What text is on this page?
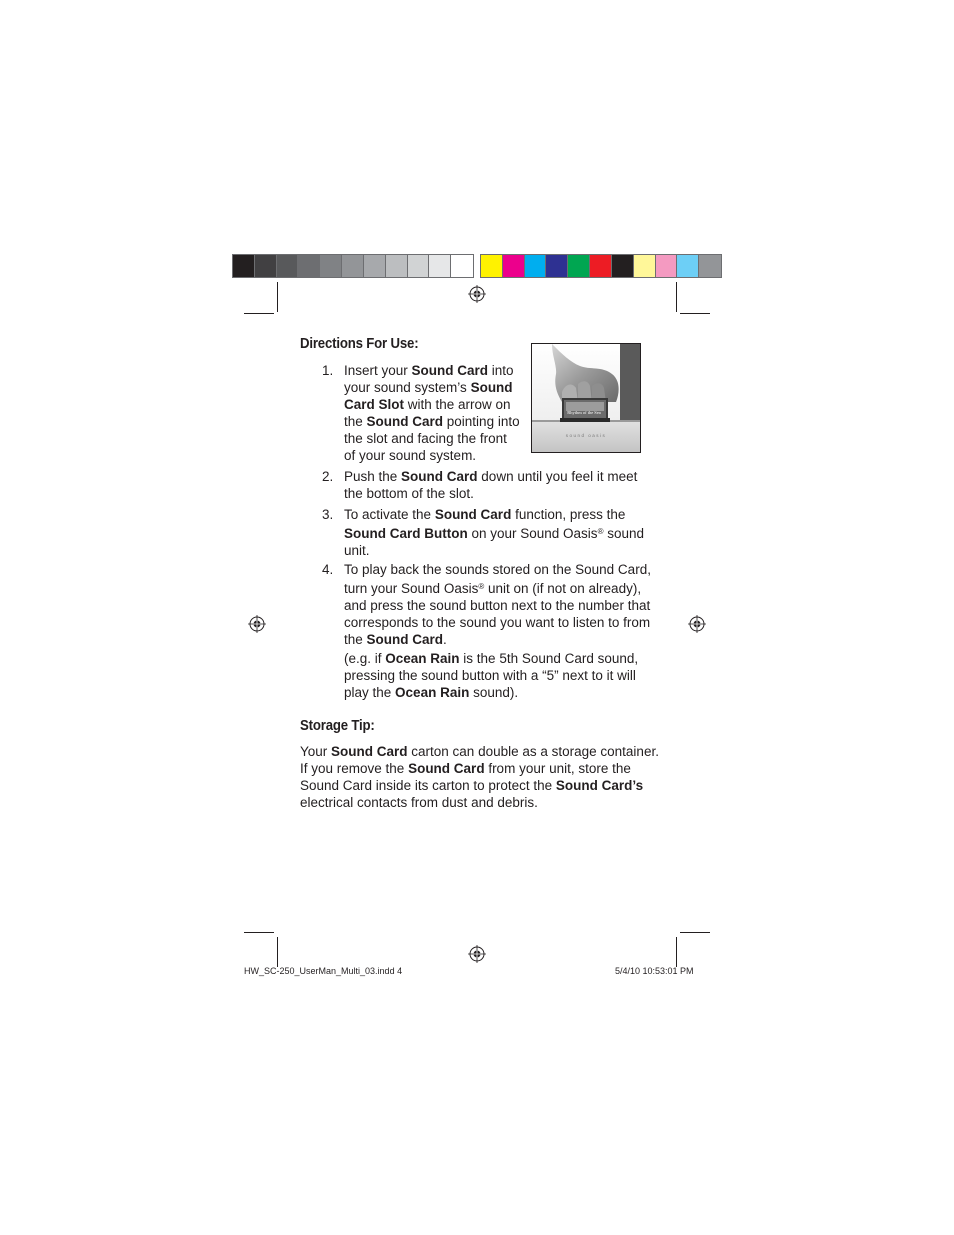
Directions For Use:
Rhythm of the Sea
sound oasis
1. Insert your Sound Card into
your sound system’s Sound
Card Slot with the arrow on
the Sound Card pointing into
the slot and facing the front
of your sound system.
2. Push the Sound Card down until you feel it meet
the bottom of the slot.
3. To activate the Sound Card function, press the
Sound Card Button on your Sound Oasis® sound
unit.
4. To play back the sounds stored on the Sound Card,
turn your Sound Oasis® unit on (if not on already),
and press the sound button next to the number that
corresponds to the sound you want to listen to from
the Sound Card.
(e.g. if Ocean Rain is the 5th Sound Card sound,
pressing the sound button with a “5” next to it will
play the Ocean Rain sound).
Storage Tip:
Your Sound Card carton can double as a storage container.
If you remove the Sound Card from your unit, store the
Sound Card inside its carton to protect the Sound Card’s
electrical contacts from dust and debris.
HW_SC-250_UserMan_Multi_03.indd 4	5/4/10 10:53:01 PM
